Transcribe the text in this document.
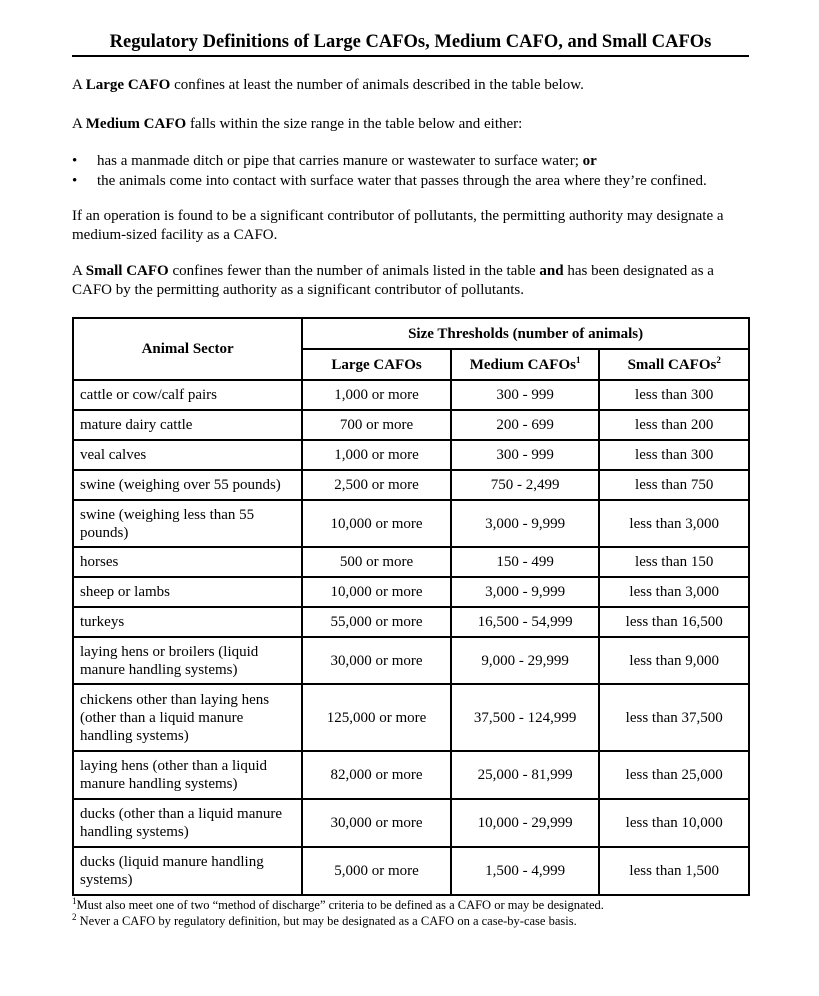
Regulatory Definitions of Large CAFOs, Medium CAFO, and Small CAFOs

A Large CAFO confines at least the number of animals described in the table below.

A Medium CAFO falls within the size range in the table below and either:

• has a manmade ditch or pipe that carries manure or wastewater to surface water; or
• the animals come into contact with surface water that passes through the area where they’re confined.

If an operation is found to be a significant contributor of pollutants, the permitting authority may designate a medium-sized facility as a CAFO.

A Small CAFO confines fewer than the number of animals listed in the table and has been designated as a CAFO by the permitting authority as a significant contributor of pollutants.

Animal Sector	Size Thresholds (number of animals)		
	Large CAFOs	Medium CAFOs$^1$	Small CAFOs$^2$
cattle or cow/calf pairs	1,000 or more	300 - 999	less than 300
mature dairy cattle	700 or more	200 - 699	less than 200
veal calves	1,000 or more	300 - 999	less than 300
swine (weighing over 55 pounds)	2,500 or more	750 - 2,499	less than 750
swine (weighing less than 55 pounds)	10,000 or more	3,000 - 9,999	less than 3,000
horses	500 or more	150 - 499	less than 150
sheep or lambs	10,000 or more	3,000 - 9,999	less than 3,000
turkeys	55,000 or more	16,500 - 54,999	less than 16,500
laying hens or broilers (liquid manure handling systems)	30,000 or more	9,000 - 29,999	less than 9,000
chickens other than laying hens (other than a liquid manure handling systems)	125,000 or more	37,500 - 124,999	less than 37,500
laying hens (other than a liquid manure handling systems)	82,000 or more	25,000 - 81,999	less than 25,000
ducks (other than a liquid manure handling systems)	30,000 or more	10,000 - 29,999	less than 10,000
ducks (liquid manure handling systems)	5,000 or more	1,500 - 4,999	less than 1,500
$^1$Must also meet one of two “method of discharge” criteria to be defined as a CAFO or may be designated.
$^2$ Never a CAFO by regulatory definition, but may be designated as a CAFO on a case-by-case basis.
